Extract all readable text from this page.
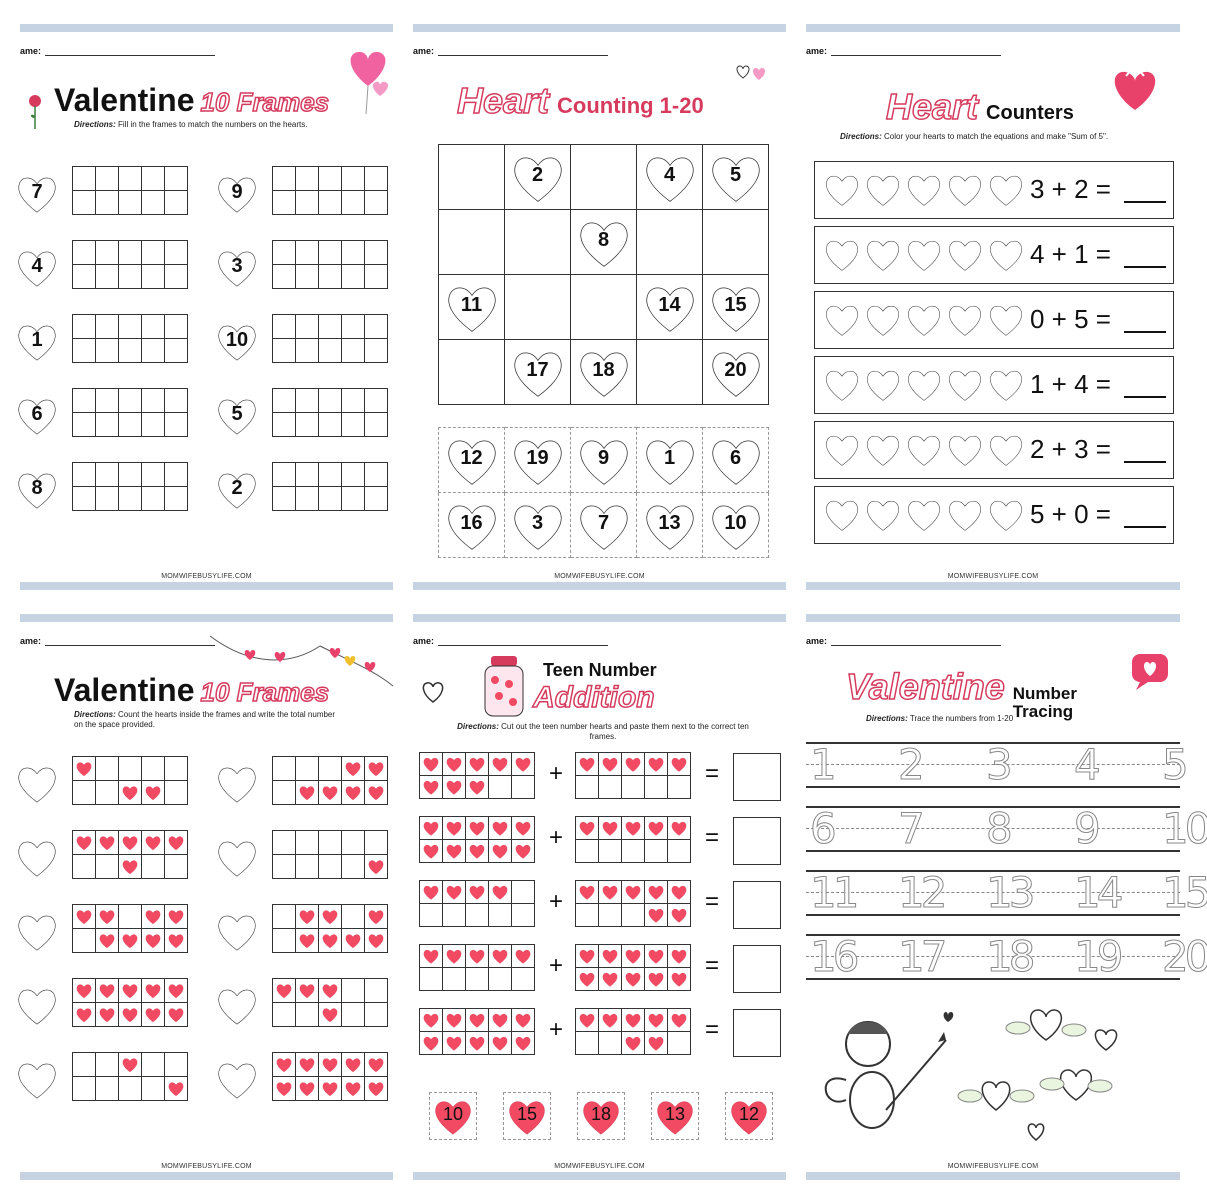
ame:
Valentine 10 Frames
Directions: Fill in the frames to match the numbers on the hearts.
7

4

1

6

8

9

3

10

5

2

MOMWIFEBUSYLIFE.COM
ame:
Heart Counting 1-20

	2		4	5

		8		

11			14	15

	17	18		20
12	19	9	1	6

16	3	7	13	10
MOMWIFEBUSYLIFE.COM
ame:
Heart Counters
Directions: Color your hearts to match the equations and make "Sum of 5".
3 + 2 =
4 + 1 =
0 + 5 =
1 + 4 =
2 + 3 =
5 + 0 =
MOMWIFEBUSYLIFE.COM
ame:
Valentine 10 Frames
Directions: Count the hearts inside the frames and write the total number on the space provided.

MOMWIFEBUSYLIFE.COM
ame:
Teen Number
Addition
Directions: Cut out the teen number hearts and paste them next to the correct ten frames.

+

					=

+

					=

+

		=

+

		=

+

		=
10	15	18	13	12
MOMWIFEBUSYLIFE.COM
ame:
Valentine Number
Tracing
Directions: Trace the numbers from 1-20
1 2 3 4 5
6 7 8 9 10
11 12 13 14 15
16 17 18 19 20
MOMWIFEBUSYLIFE.COM
